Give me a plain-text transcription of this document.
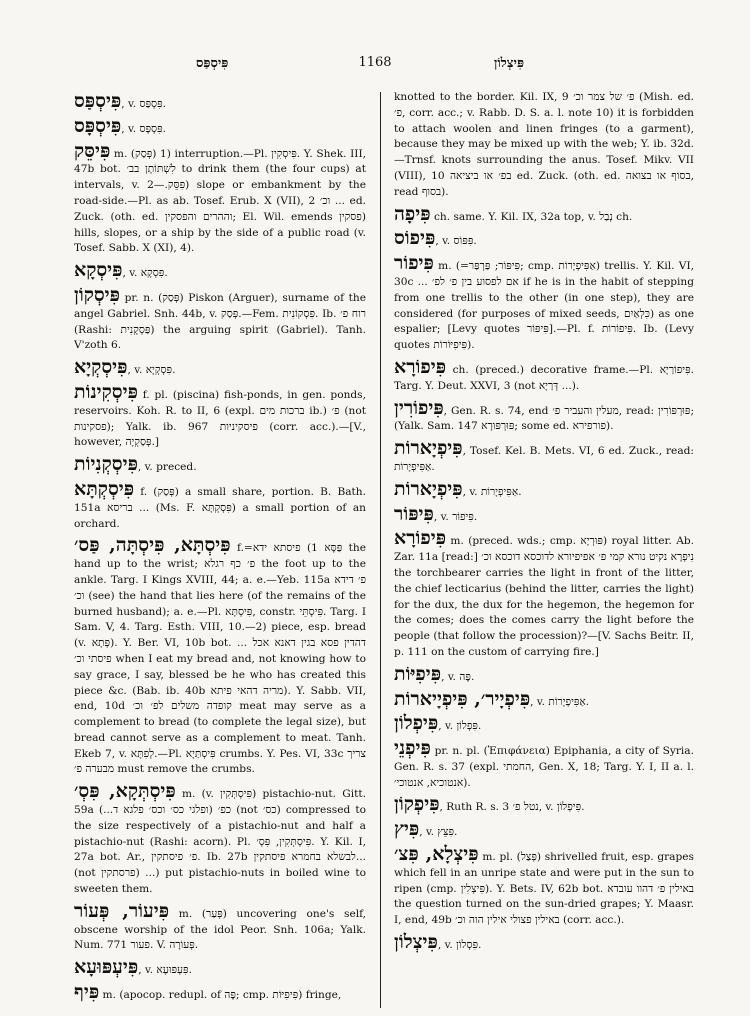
פִּיסְפַּס	1168	פִּיצְלוֹן

פִּיסְפַּס, v. פִּסְפַּס.

פִּיסְפָּס, v. פִּסְפָּס.

פִּיסֵּק m. (פְּסַק) 1) interruption.—Pl. פִּיסְקִין. Y. Shek. III, 47b bot. לִשְׁתּוֹתָן בב׳ to drink them (the four cups) at intervals, v. פִּסֵּק.—2) slope or embankment by the road-side.—Pl. as ab. Tosef. Erub. X (VII), 2 וכ׳ ... ed. Zuck. (oth. ed. וההרים והפסקין; El. Wil. emends פסקין) hills, slopes, or a ship by the side of a public road (v. Tosef. Sabb. X (XI), 4).

פִּיסְקָא, v. פִּסְקָא.

פִּיסְקוֹן pr. n. (פְּסַק) Piskon (Arguer), surname of the angel Gabriel. Snh. 44b, v. פְּסַק.—Fem. פִּסְקוֹנִית. Ib. רוח פ׳ (Rashi: פַּסְקָנִית) the arguing spirit (Gabriel). Tanh. V'zoth 6.

פִּיסְקְיָא, v. פִּסְקְיָא.

פִּיסְקִינוֹת f. pl. (piscina) fish-ponds, in gen. ponds, reservoirs. Koh. R. to II, 6 (expl. ברכות מים ib.) פ׳ (not פסקינות); Yalk. ib. 967 פיסקיניות (corr. acc.).—[V., however, פְּסַקְיָה.]

פִּיסְקְנִיוֹת, v. preced.

פִּיסְקְתָּא f. (פְּסַק) a small share, portion. B. Bath. 151a בריסא ... (Ms. F. פִּסְקְתָּא) a small portion of an orchard.

פִּיסְתָּא, פִּיסְתָּה, פַּס׳ f.=פַּסָּא 1) פיסתא ידא the hand up to the wrist; פ׳ כף רגלא the foot up to the ankle. Targ. I Kings XVIII, 44; a. e.—Yeb. 115a פ׳ דידא וכ׳ (see) the hand that lies here (of the remains of the burned husband); a. e.—Pl. פִּיסְתָּא, constr. פִּיסְתֵּי. Targ. I Sam. V, 4. Targ. Esth. VIII, 10.—2) piece, esp. bread (v. פְּתָא). Y. Ber. VI, 10b bot. ... דהדין פסא בגין דאנא אכל פיסתי וכ׳ when I eat my bread and, not knowing how to say grace, I say, blessed be he who has created this piece &c. (Bab. ib. 40b מריה דהאי פיתא). Y. Sabb. VII, end, 10d קופדה משלים לפ׳ וכ׳ meat may serve as a complement to bread (to complete the legal size), but bread cannot serve as a complement to meat. Tanh. Ekeb 7, v. לְפִתָּא.—Pl. פִּיסְתַּיָא crumbs. Y. Pes. VI, 33c צריך מבערה פ׳ must remove the crumbs.

פִּיסְתְּקָא, פִּסְ׳ m. (v. פִּיסְתְּקִין) pistachio-nut. Gitt. 59a כפ׳ (ופלגי כס׳ וכס׳ פלגא ד...) (not כס׳) compressed to the size respectively of a pistachio-nut and half a pistachio-nut (Rashi: acorn). Pl. פִּיסְתְּקִין, פִּסְ׳. Y. Kil. I, 27a bot. Ar., פ׳ פיסתקין. Ib. 27b לבשלא בחמרא פיסתקין... (not פרסתקין) ...) put pistachio-nuts in boiled wine to sweeten them.

פִּיעוֹר, פְּעוֹר m. (פְּעַר) uncovering one's self, obscene worship of the idol Peor. Snh. 106a; Yalk. Num. 771 פעור. V. פְּעוֹרָה.

פִּיעְפּוּעָא, v. פִּעְפּוּעָא.

פִּיף m. (apocop. redupl. of פֶּה; cmp. פִּיפִיּוֹת) fringe,

knotted to the border. Kil. IX, 9 פ׳ של צמר וכ׳ (Mish. ed. פ׳, corr. acc.; v. Rabb. D. S. a. l. note 10) it is forbidden to attach woolen and linen fringes (to a garment), because they may be mixed up with the web; Y. ib. 32d.—Trnsf. knots surrounding the anus. Tosef. Mikv. VII (VIII), 10 בפ׳ או ביציאה ed. Zuck. (oth. ed. בסוף או בצואה, read בסוף).

פִּיפָה ch. same. Y. Kil. IX, 32a top, v. נְבַל ch.

פִּיפוֹס, v. פִּפּוֹס.

פִּיפוֹר m. (=פִּיפּוֹר; פַּרְפַּר; cmp. אַפִּיפְיָרוֹת) trellis. Y. Kil. VI, 30c ... אם לפסוע בין פ׳ לפ׳ if he is in the habit of stepping from one trellis to the other (in one step), they are considered (for purposes of mixed seeds, כִּלְאַיִם) as one espalier; [Levy quotes פִּיפּוֹר].—Pl. f. פִּיפוֹרוֹת. Ib. (Levy quotes פִּיפִיּוֹרוֹת).

פִּיפוֹרָא ch. (preced.) decorative frame.—Pl. פִּיפוֹרַיָא. Targ. Y. Deut. XXVI, 3 (not דְּרַיָא ...).

פִּיפוֹרִין, Gen. R. s. 74, end מעלין והעביר פ׳, read: פּוּרְפּוֹרִין; (Yalk. Sam. 147 פּוּרְפּוּרָא; some ed. פורפירא).

פִּיפְיָארוֹת, Tosef. Kel. B. Mets. VI, 6 ed. Zuck., read: אַפִּיפְיָרוֹת.

פִּיפְיָארוֹת, v. אַפִּיפְיָרוֹת.

פִּיפּוֹר, v. פִּיפוֹר.

פִּיפוֹרָא m. (preced. wds.; cmp. פּוּרְיָא) royal litter. Ab. Zar. 11a [read:] נִיפְרָא נקיט נורא קמי פ׳ אפיפיורא לדוכסא דוכסא וכ׳ the torchbearer carries the light in front of the litter, the chief lecticarius (behind the litter, carries the light) for the dux, the dux for the hegemon, the hegemon for the comes; does the comes carry the light before the people (that follow the procession)?—[V. Sachs Beitr. II, p. 111 on the custom of carrying fire.]

פִּיפִיּוֹת, v. פֶּה.

פִּיפְיָיר׳, פִּיפְיָיארוֹת, v. אַפִּיפְיָרוֹת.

פִּיפְלוֹן, v. פִּפְלוֹן.

פִּיפְנֵי pr. n. pl. (Ἐπιφάνεια) Epiphania, a city of Syria. Gen. R. s. 37 (expl. החמתי, Gen. X, 18; Targ. Y. I, II a. l. אנטוכיא, אנטוכי׳).

פִּיפְקוֹן, Ruth R. s. 3 נטל פ׳, v. פִּיפְלוֹן.

פִּיץ, v. פִּצֵּץ.

פִּיצְלָא, פִּצ׳ m. pl. (פְּצַל) shrivelled fruit, esp. grapes which fell in an unripe state and were put in the sun to ripen (cmp. פִּיצְלִין). Y. Bets. IV, 62b bot. באילין פ׳ דהוו עובדא the question turned on the sun-dried grapes; Y. Maasr. I, end, 49b באילין פצולי אילין הוה וכ׳ (corr. acc.).

פִּיצְלוֹן, v. פִּסְלוֹן.
